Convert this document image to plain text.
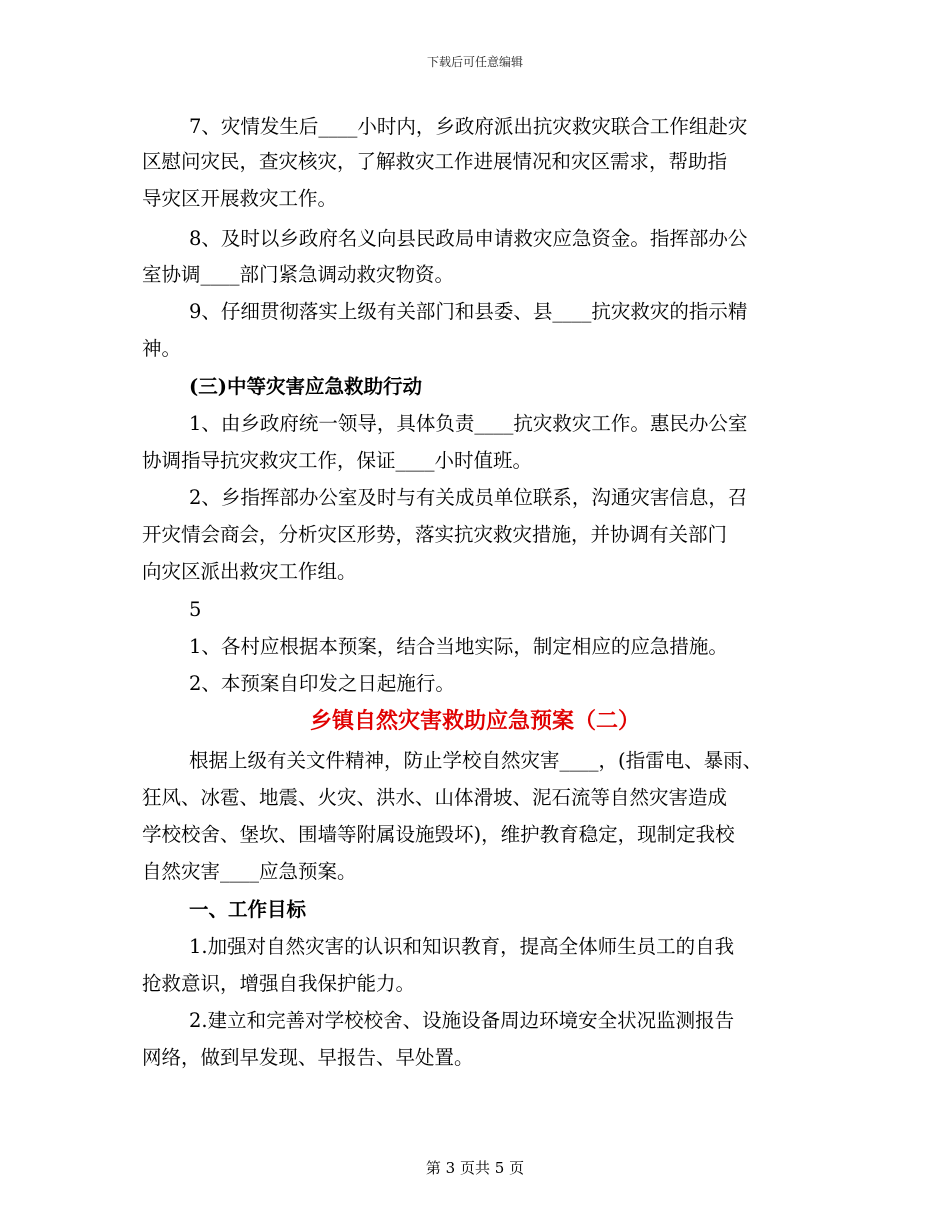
下载后可任意编辑
7、灾情发生后____小时内，乡政府派出抗灾救灾联合工作组赴灾
区慰问灾民，查灾核灾，了解救灾工作进展情况和灾区需求，帮助指
导灾区开展救灾工作。
8、及时以乡政府名义向县民政局申请救灾应急资金。指挥部办公
室协调____部门紧急调动救灾物资。
9、仔细贯彻落实上级有关部门和县委、县____抗灾救灾的指示精
神。
(三)中等灾害应急救助行动
1、由乡政府统一领导，具体负责____抗灾救灾工作。惠民办公室
协调指导抗灾救灾工作，保证____小时值班。
2、乡指挥部办公室及时与有关成员单位联系，沟通灾害信息，召
开灾情会商会，分析灾区形势，落实抗灾救灾措施，并协调有关部门
向灾区派出救灾工作组。
5
1、各村应根据本预案，结合当地实际，制定相应的应急措施。
2、本预案自印发之日起施行。
乡镇自然灾害救助应急预案（二）
根据上级有关文件精神，防止学校自然灾害____，(指雷电、暴雨、
狂风、冰雹、地震、火灾、洪水、山体滑坡、泥石流等自然灾害造成
学校校舍、堡坎、围墙等附属设施毁坏)，维护教育稳定，现制定我校
自然灾害____应急预案。
一、工作目标
1.加强对自然灾害的认识和知识教育，提高全体师生员工的自我
抢救意识，增强自我保护能力。
2.建立和完善对学校校舍、设施设备周边环境安全状况监测报告
网络，做到早发现、早报告、早处置。
第 3 页共 5 页
